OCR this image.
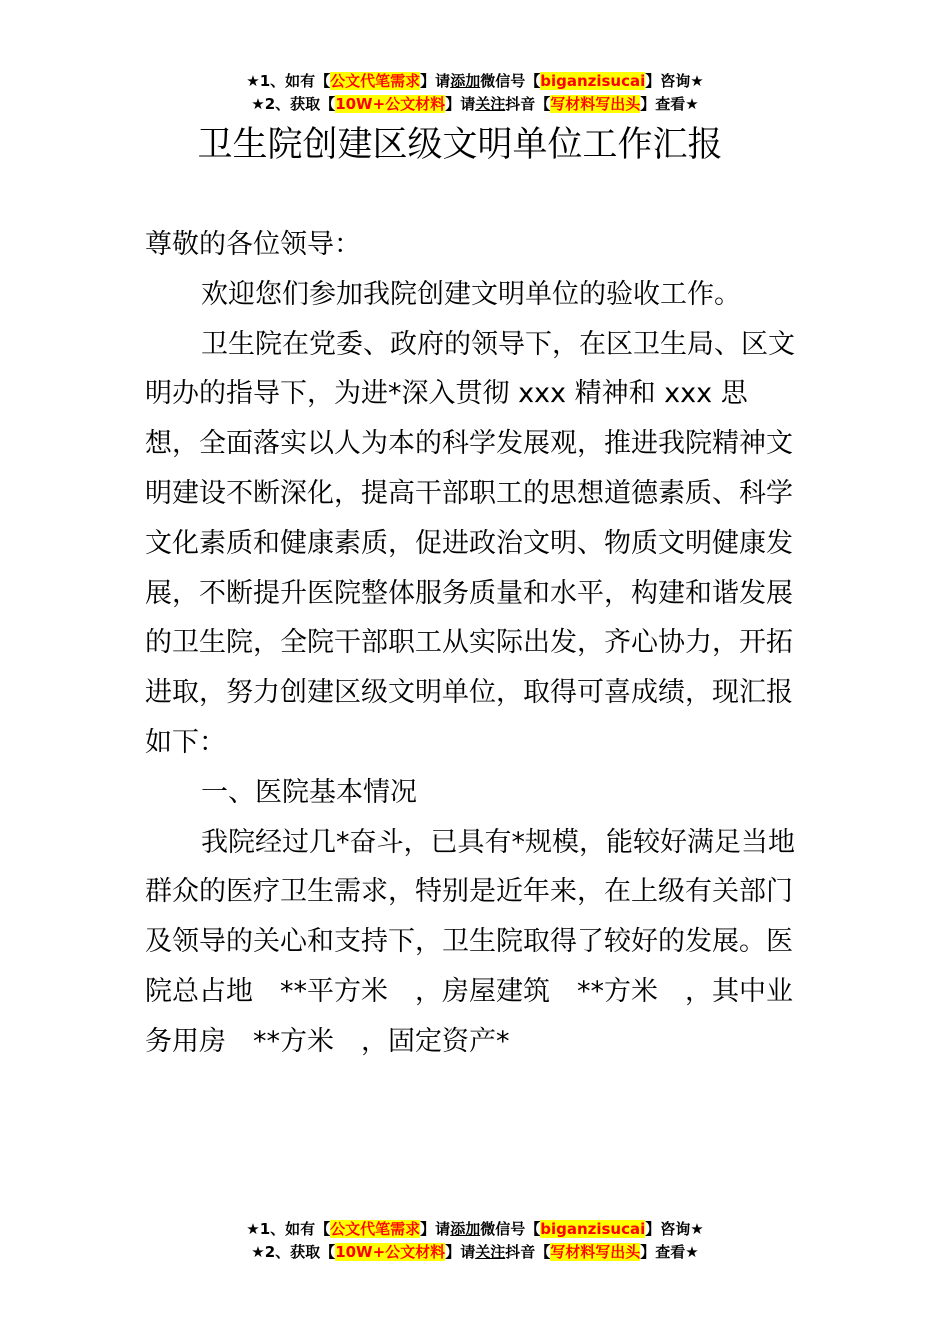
★1、如有【公文代笔需求】请添加微信号【biganzisucai】咨询★
★2、获取【10W+公文材料】请关注抖音【写材料写出头】查看★
卫生院创建区级文明单位工作汇报

尊敬的各位领导：

欢迎您们参加我院创建文明单位的验收工作。

卫生院在党委、政府的领导下，在区卫生局、区文明办的指导下，为进*深入贯彻 xxx 精神和 xxx 思想，全面落实以人为本的科学发展观，推进我院精神文明建设不断深化，提高干部职工的思想道德素质、科学文化素质和健康素质，促进政治文明、物质文明健康发展，不断提升医院整体服务质量和水平，构建和谐发展的卫生院，全院干部职工从实际出发，齐心协力，开拓进取，努力创建区级文明单位，取得可喜成绩，现汇报如下：

一、医院基本情况

我院经过几*奋斗，已具有*规模，能较好满足当地群众的医疗卫生需求，特别是近年来，在上级有关部门及领导的关心和支持下，卫生院取得了较好的发展。医院总占地　**平方米　，房屋建筑　**方米　，其中业务用房　**方米　，固定资产*

★1、如有【公文代笔需求】请添加微信号【biganzisucai】咨询★
★2、获取【10W+公文材料】请关注抖音【写材料写出头】查看★
